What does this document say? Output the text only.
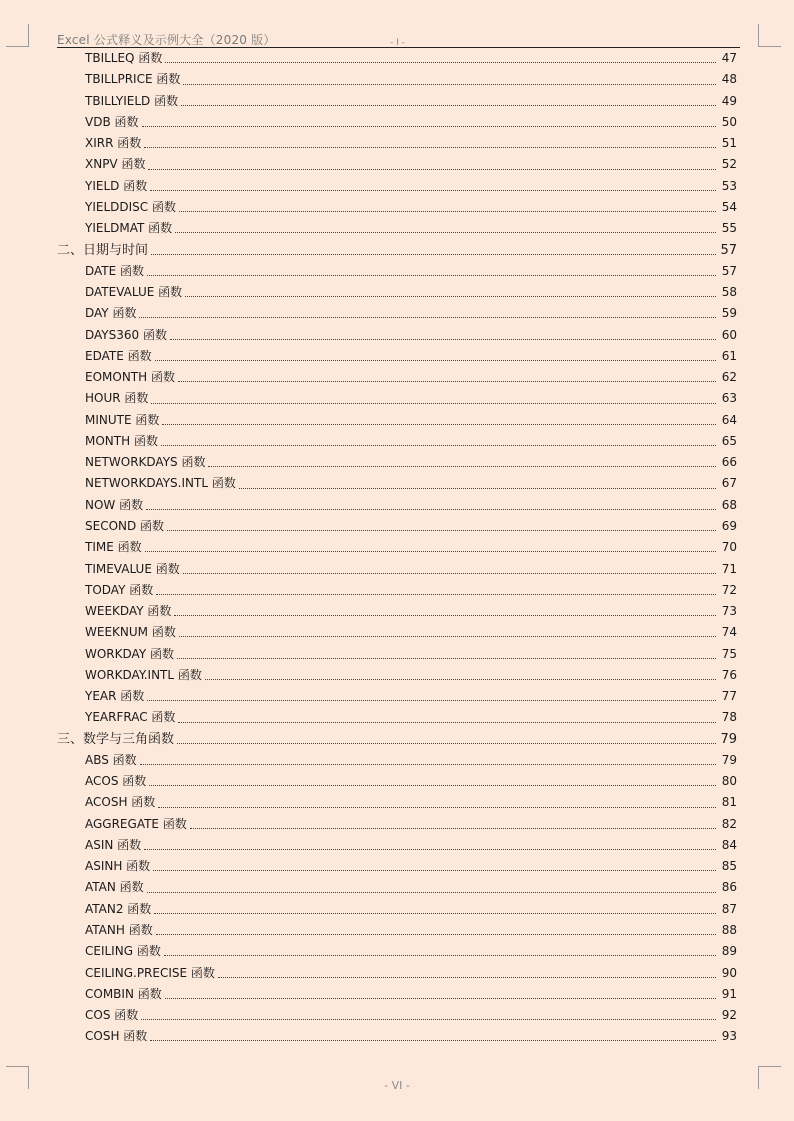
Excel 公式释义及示例大全（2020 版）	- I -
TBILLEQ 函数	47
TBILLPRICE 函数	48
TBILLYIELD 函数	49
VDB 函数	50
XIRR 函数	51
XNPV 函数	52
YIELD 函数	53
YIELDDISC 函数	54
YIELDMAT 函数	55
二、日期与时间	57
DATE 函数	57
DATEVALUE 函数	58
DAY 函数	59
DAYS360 函数	60
EDATE 函数	61
EOMONTH 函数	62
HOUR 函数	63
MINUTE 函数	64
MONTH 函数	65
NETWORKDAYS 函数	66
NETWORKDAYS.INTL 函数	67
NOW 函数	68
SECOND 函数	69
TIME 函数	70
TIMEVALUE 函数	71
TODAY 函数	72
WEEKDAY 函数	73
WEEKNUM 函数	74
WORKDAY 函数	75
WORKDAY.INTL 函数	76
YEAR 函数	77
YEARFRAC 函数	78
三、数学与三角函数	79
ABS 函数	79
ACOS 函数	80
ACOSH 函数	81
AGGREGATE 函数	82
ASIN 函数	84
ASINH 函数	85
ATAN 函数	86
ATAN2 函数	87
ATANH 函数	88
CEILING 函数	89
CEILING.PRECISE 函数	90
COMBIN 函数	91
COS 函数	92
COSH 函数	93
- VI -
